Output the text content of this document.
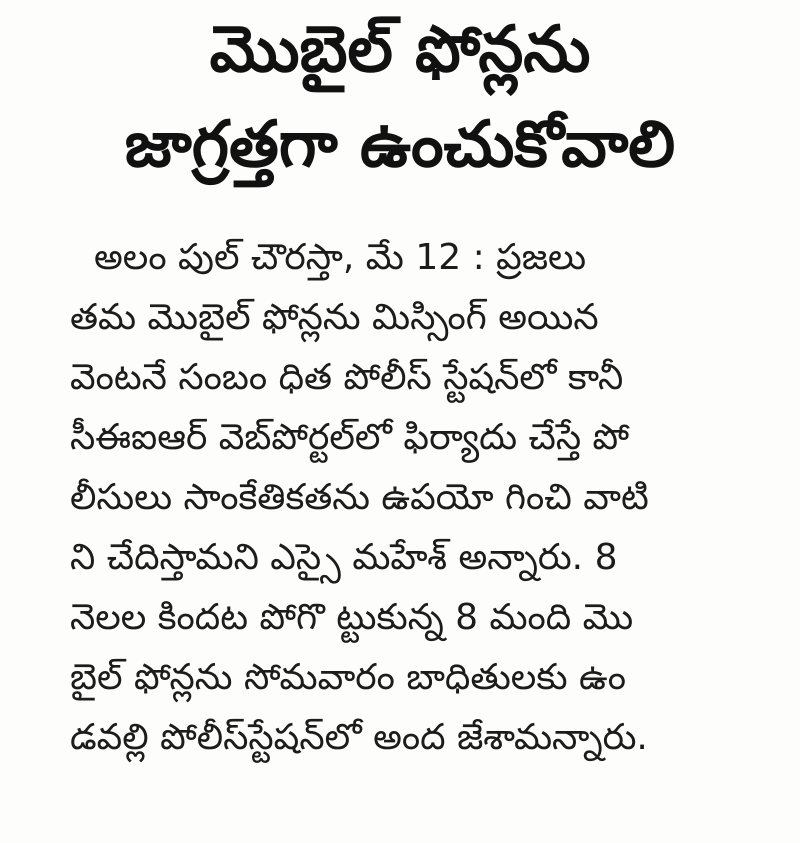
మొబైల్ ఫోన్లను
జాగ్రత్తగా ఉంచుకోవాలి
అలం పుల్ చౌరస్తా, మే 12 : ప్రజలు
తమ మొబైల్ ఫోన్లను మిస్సింగ్ అయిన
వెంటనే సంబం ధిత పోలీస్ స్టేషన్‌లో కానీ
సీఈఐఆర్ వెబ్‌పోర్టల్‌లో ఫిర్యాదు చేస్తే పో
లీసులు సాంకేతికతను ఉపయో గించి వాటి
ని చేదిస్తామని ఎస్సై మహేశ్ అన్నారు. 8
నెలల కిందట పోగొ ట్టుకున్న 8 మంది మొ
బైల్ ఫోన్లను సోమవారం బాధితులకు ఉం
డవల్లి పోలీస్‌స్టేషన్‌లో అంద జేశామన్నారు.
